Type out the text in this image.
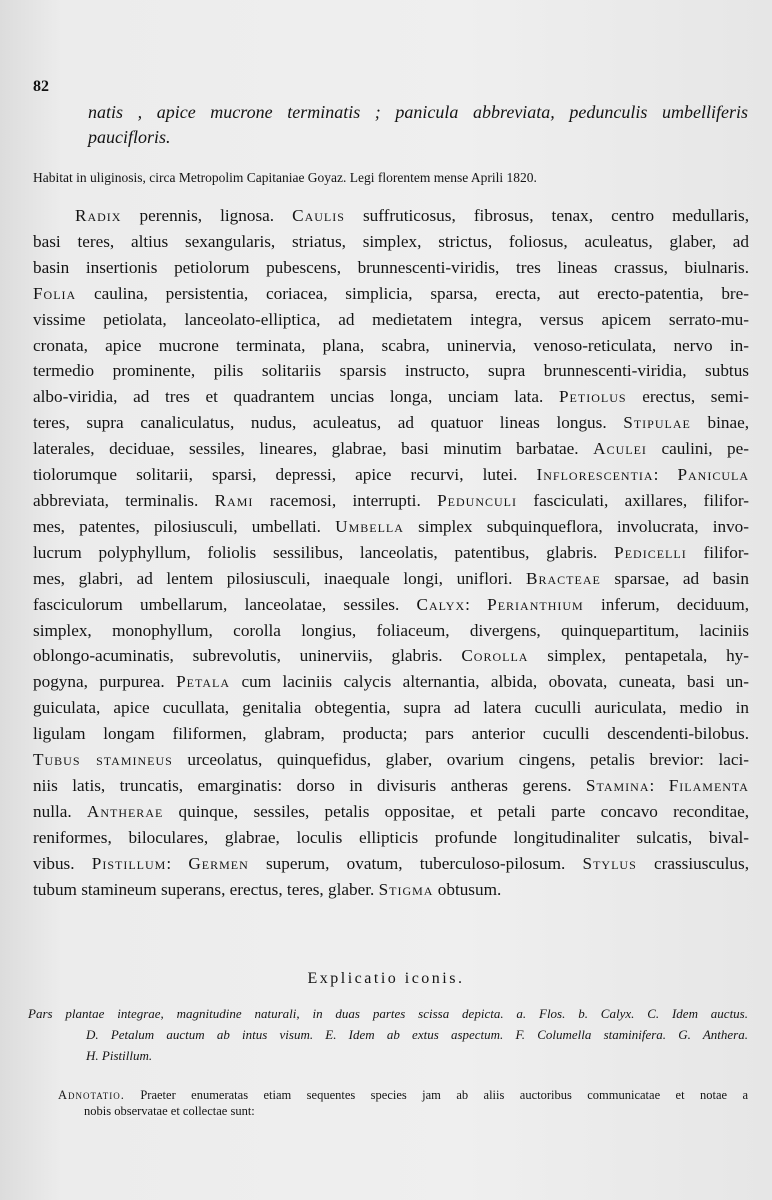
82

natis , apice mucrone terminatis ; panicula abbreviata, pedunculis umbelliferis

paucifloris.

Habitat in uliginosis, circa Metropolim Capitaniae Goyaz. Legi florentem mense Aprili 1820.
Radix perennis, lignosa. Caulis suffruticosus, fibrosus, tenax, centro medullaris,
basi teres, altius sexangularis, striatus, simplex, strictus, foliosus, aculeatus, glaber, ad
basin insertionis petiolorum pubescens, brunnescenti-viridis, tres lineas crassus, biulnaris.
Folia caulina, persistentia, coriacea, simplicia, sparsa, erecta, aut erecto-patentia, bre-
vissime petiolata, lanceolato-elliptica, ad medietatem integra, versus apicem serrato-mu-
cronata, apice mucrone terminata, plana, scabra, uninervia, venoso-reticulata, nervo in-
termedio prominente, pilis solitariis sparsis instructo, supra brunnescenti-viridia, subtus
albo-viridia, ad tres et quadrantem uncias longa, unciam lata. Petiolus erectus, semi-
teres, supra canaliculatus, nudus, aculeatus, ad quatuor lineas longus. Stipulae binae,
laterales, deciduae, sessiles, lineares, glabrae, basi minutim barbatae. Aculei caulini, pe-
tiolorumque solitarii, sparsi, depressi, apice recurvi, lutei. Inflorescentia: Panicula
abbreviata, terminalis. Rami racemosi, interrupti. Pedunculi fasciculati, axillares, filifor-
mes, patentes, pilosiusculi, umbellati. Umbella simplex subquinqueflora, involucrata, invo-
lucrum polyphyllum, foliolis sessilibus, lanceolatis, patentibus, glabris. Pedicelli filifor-
mes, glabri, ad lentem pilosiusculi, inaequale longi, uniflori. Bracteae sparsae, ad basin
fasciculorum umbellarum, lanceolatae, sessiles. Calyx: Perianthium inferum, deciduum,
simplex, monophyllum, corolla longius, foliaceum, divergens, quinquepartitum, laciniis
oblongo-acuminatis, subrevolutis, uninerviis, glabris. Corolla simplex, pentapetala, hy-
pogyna, purpurea. Petala cum laciniis calycis alternantia, albida, obovata, cuneata, basi un-
guiculata, apice cucullata, genitalia obtegentia, supra ad latera cuculli auriculata, medio in
ligulam longam filiformen, glabram, producta; pars anterior cuculli descendenti-bilobus.
Tubus staminеus urceolatus, quinquefidus, glaber, ovarium cingens, petalis brevior: laci-
niis latis, truncatis, emarginatis: dorso in divisuris antheras gerens. Stamina: Filamenta
nulla. Antherae quinque, sessiles, petalis oppositae, et petali parte concavo reconditae,
reniformes, biloculares, glabrae, loculis ellipticis profunde longitudinaliter sulcatis, bival-
vibus. Pistillum: Germen superum, ovatum, tuberculoso-pilosum. Stylus crassiusculus,
tubum stamineum superans, erectus, teres, glaber. Stigma obtusum.
Explicatio iconis.
Pars plantae integrae, magnitudine naturali, in duas partes scissa depicta. a. Flos. b. Calyx. C. Idem auctus.
D. Petalum auctum ab intus visum. E. Idem ab extus aspectum. F. Columella staminifera. G. Anthera.
H. Pistillum.
Adnotatio. Praeter enumeratas etiam sequentes species jam ab aliis auctoribus communicatae et notae a
nobis observatae et collectae sunt:
